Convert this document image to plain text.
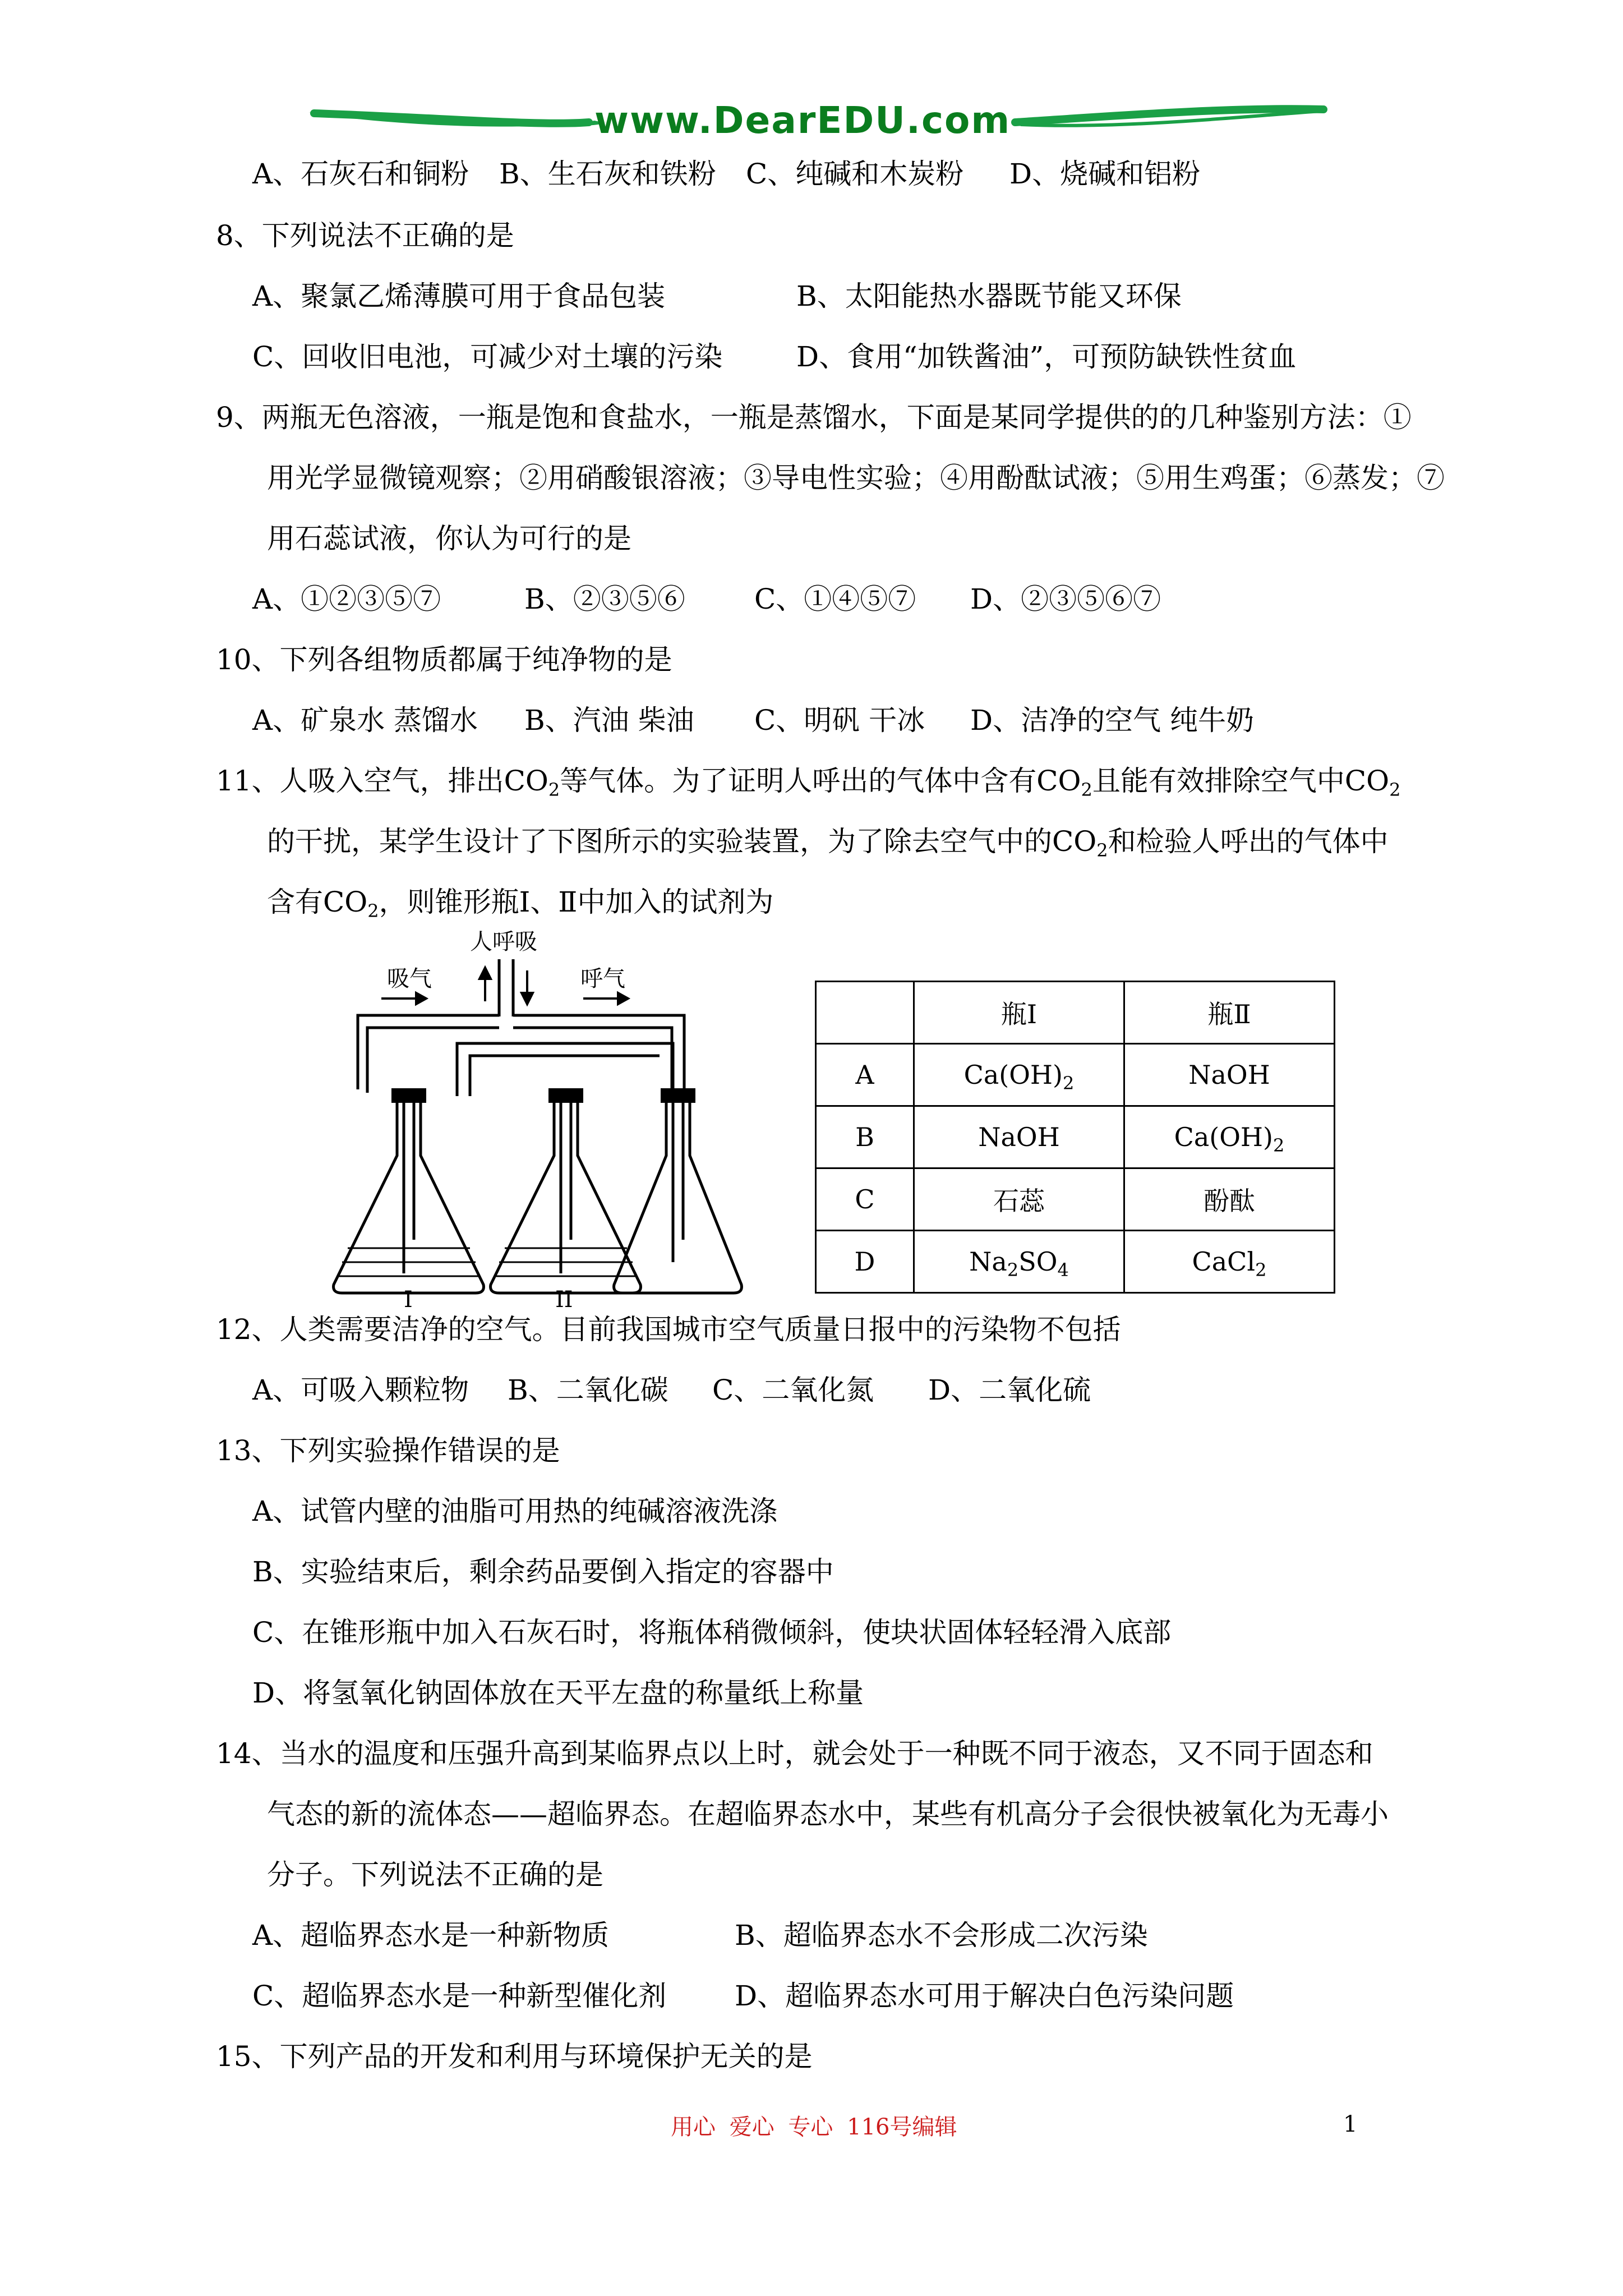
www.DearEDU.com
A、石灰石和铜粉 B、生石灰和铁粉 C、纯碱和木炭粉 D、烧碱和铝粉
8、下列说法不正确的是
A、聚氯乙烯薄膜可用于食品包装	B、太阳能热水器既节能又环保
C、回收旧电池，可减少对土壤的污染	D、食用“加铁酱油”，可预防缺铁性贫血
9、两瓶无色溶液，一瓶是饱和食盐水，一瓶是蒸馏水，下面是某同学提供的的几种鉴别方法：①
用光学显微镜观察；②用硝酸银溶液；③导电性实验；④用酚酞试液；⑤用生鸡蛋；⑥蒸发；⑦
用石蕊试液，你认为可行的是
A、①②③⑤⑦	B、②③⑤⑥ C、①④⑤⑦ D、②③⑤⑥⑦
10、下列各组物质都属于纯净物的是
A、矿泉水 蒸馏水 B、汽油 柴油 C、明矾 干冰 D、洁净的空气 纯牛奶
11、人吸入空气，排出$CO_2$等气体。为了证明人呼出的气体中含有$CO_2$且能有效排除空气中$CO_2$
的干扰，某学生设计了下图所示的实验装置，为了除去空气中的$CO_2$和检验人呼出的气体中
含有$CO_2$，则锥形瓶Ⅰ、Ⅱ中加入的试剂为
人呼吸
吸气	呼气
I	II
	瓶Ⅰ	瓶Ⅱ
A	$Ca(OH)_2$	NaOH
B	NaOH	$Ca(OH)_2$
C	石蕊	酚酞
D	$Na_2SO_4$	CaCl$_2$
12、人类需要洁净的空气。目前我国城市空气质量日报中的污染物不包括
A、可吸入颗粒物 B、二氧化碳 C、二氧化氮 D、二氧化硫
13、下列实验操作错误的是
A、试管内壁的油脂可用热的纯碱溶液洗涤
B、实验结束后，剩余药品要倒入指定的容器中
C、在锥形瓶中加入石灰石时，将瓶体稍微倾斜，使块状固体轻轻滑入底部
D、将氢氧化钠固体放在天平左盘的称量纸上称量
14、当水的温度和压强升高到某临界点以上时，就会处于一种既不同于液态，又不同于固态和
气态的新的流体态——超临界态。在超临界态水中，某些有机高分子会很快被氧化为无毒小
分子。下列说法不正确的是
A、超临界态水是一种新物质	B、超临界态水不会形成二次污染
C、超临界态水是一种新型催化剂 D、超临界态水可用于解决白色污染问题
15、下列产品的开发和利用与环境保护无关的是
用心 爱心 专心 116号编辑	1
